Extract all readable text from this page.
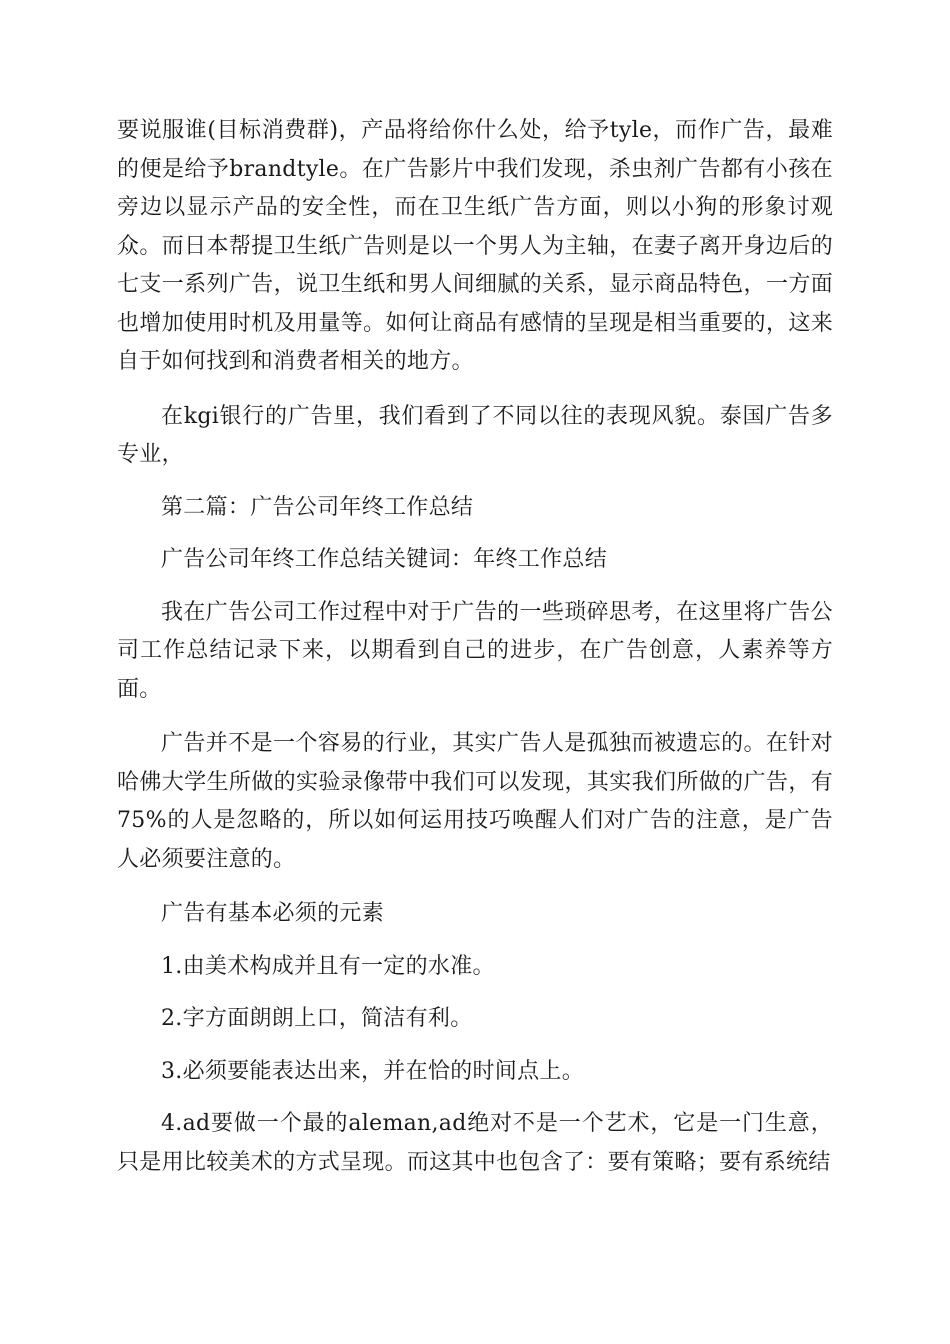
要说服谁(目标消费群)，产品将给你什么处，给予tyle，而作广告，最难的便是给予brandtyle。在广告影片中我们发现，杀虫剂广告都有小孩在旁边以显示产品的安全性，而在卫生纸广告方面，则以小狗的形象讨观众。而日本帮提卫生纸广告则是以一个男人为主轴，在妻子离开身边后的七支一系列广告，说卫生纸和男人间细腻的关系，显示商品特色，一方面也增加使用时机及用量等。如何让商品有感情的呈现是相当重要的，这来自于如何找到和消费者相关的地方。

在kgi银行的广告里，我们看到了不同以往的表现风貌。泰国广告多专业，

第二篇：广告公司年终工作总结

广告公司年终工作总结关键词：年终工作总结

我在广告公司工作过程中对于广告的一些琐碎思考，在这里将广告公司工作总结记录下来，以期看到自己的进步，在广告创意，人素养等方面。

广告并不是一个容易的行业，其实广告人是孤独而被遗忘的。在针对哈佛大学生所做的实验录像带中我们可以发现，其实我们所做的广告，有75%的人是忽略的，所以如何运用技巧唤醒人们对广告的注意，是广告人必须要注意的。

广告有基本必须的元素

1.由美术构成并且有一定的水准。

2.字方面朗朗上口，简洁有利。

3.必须要能表达出来，并在恰的时间点上。

4.ad要做一个最的aleman,ad绝对不是一个艺术，它是一门生意，只是用比较美术的方式呈现。而这其中也包含了：要有策略；要有系统结
